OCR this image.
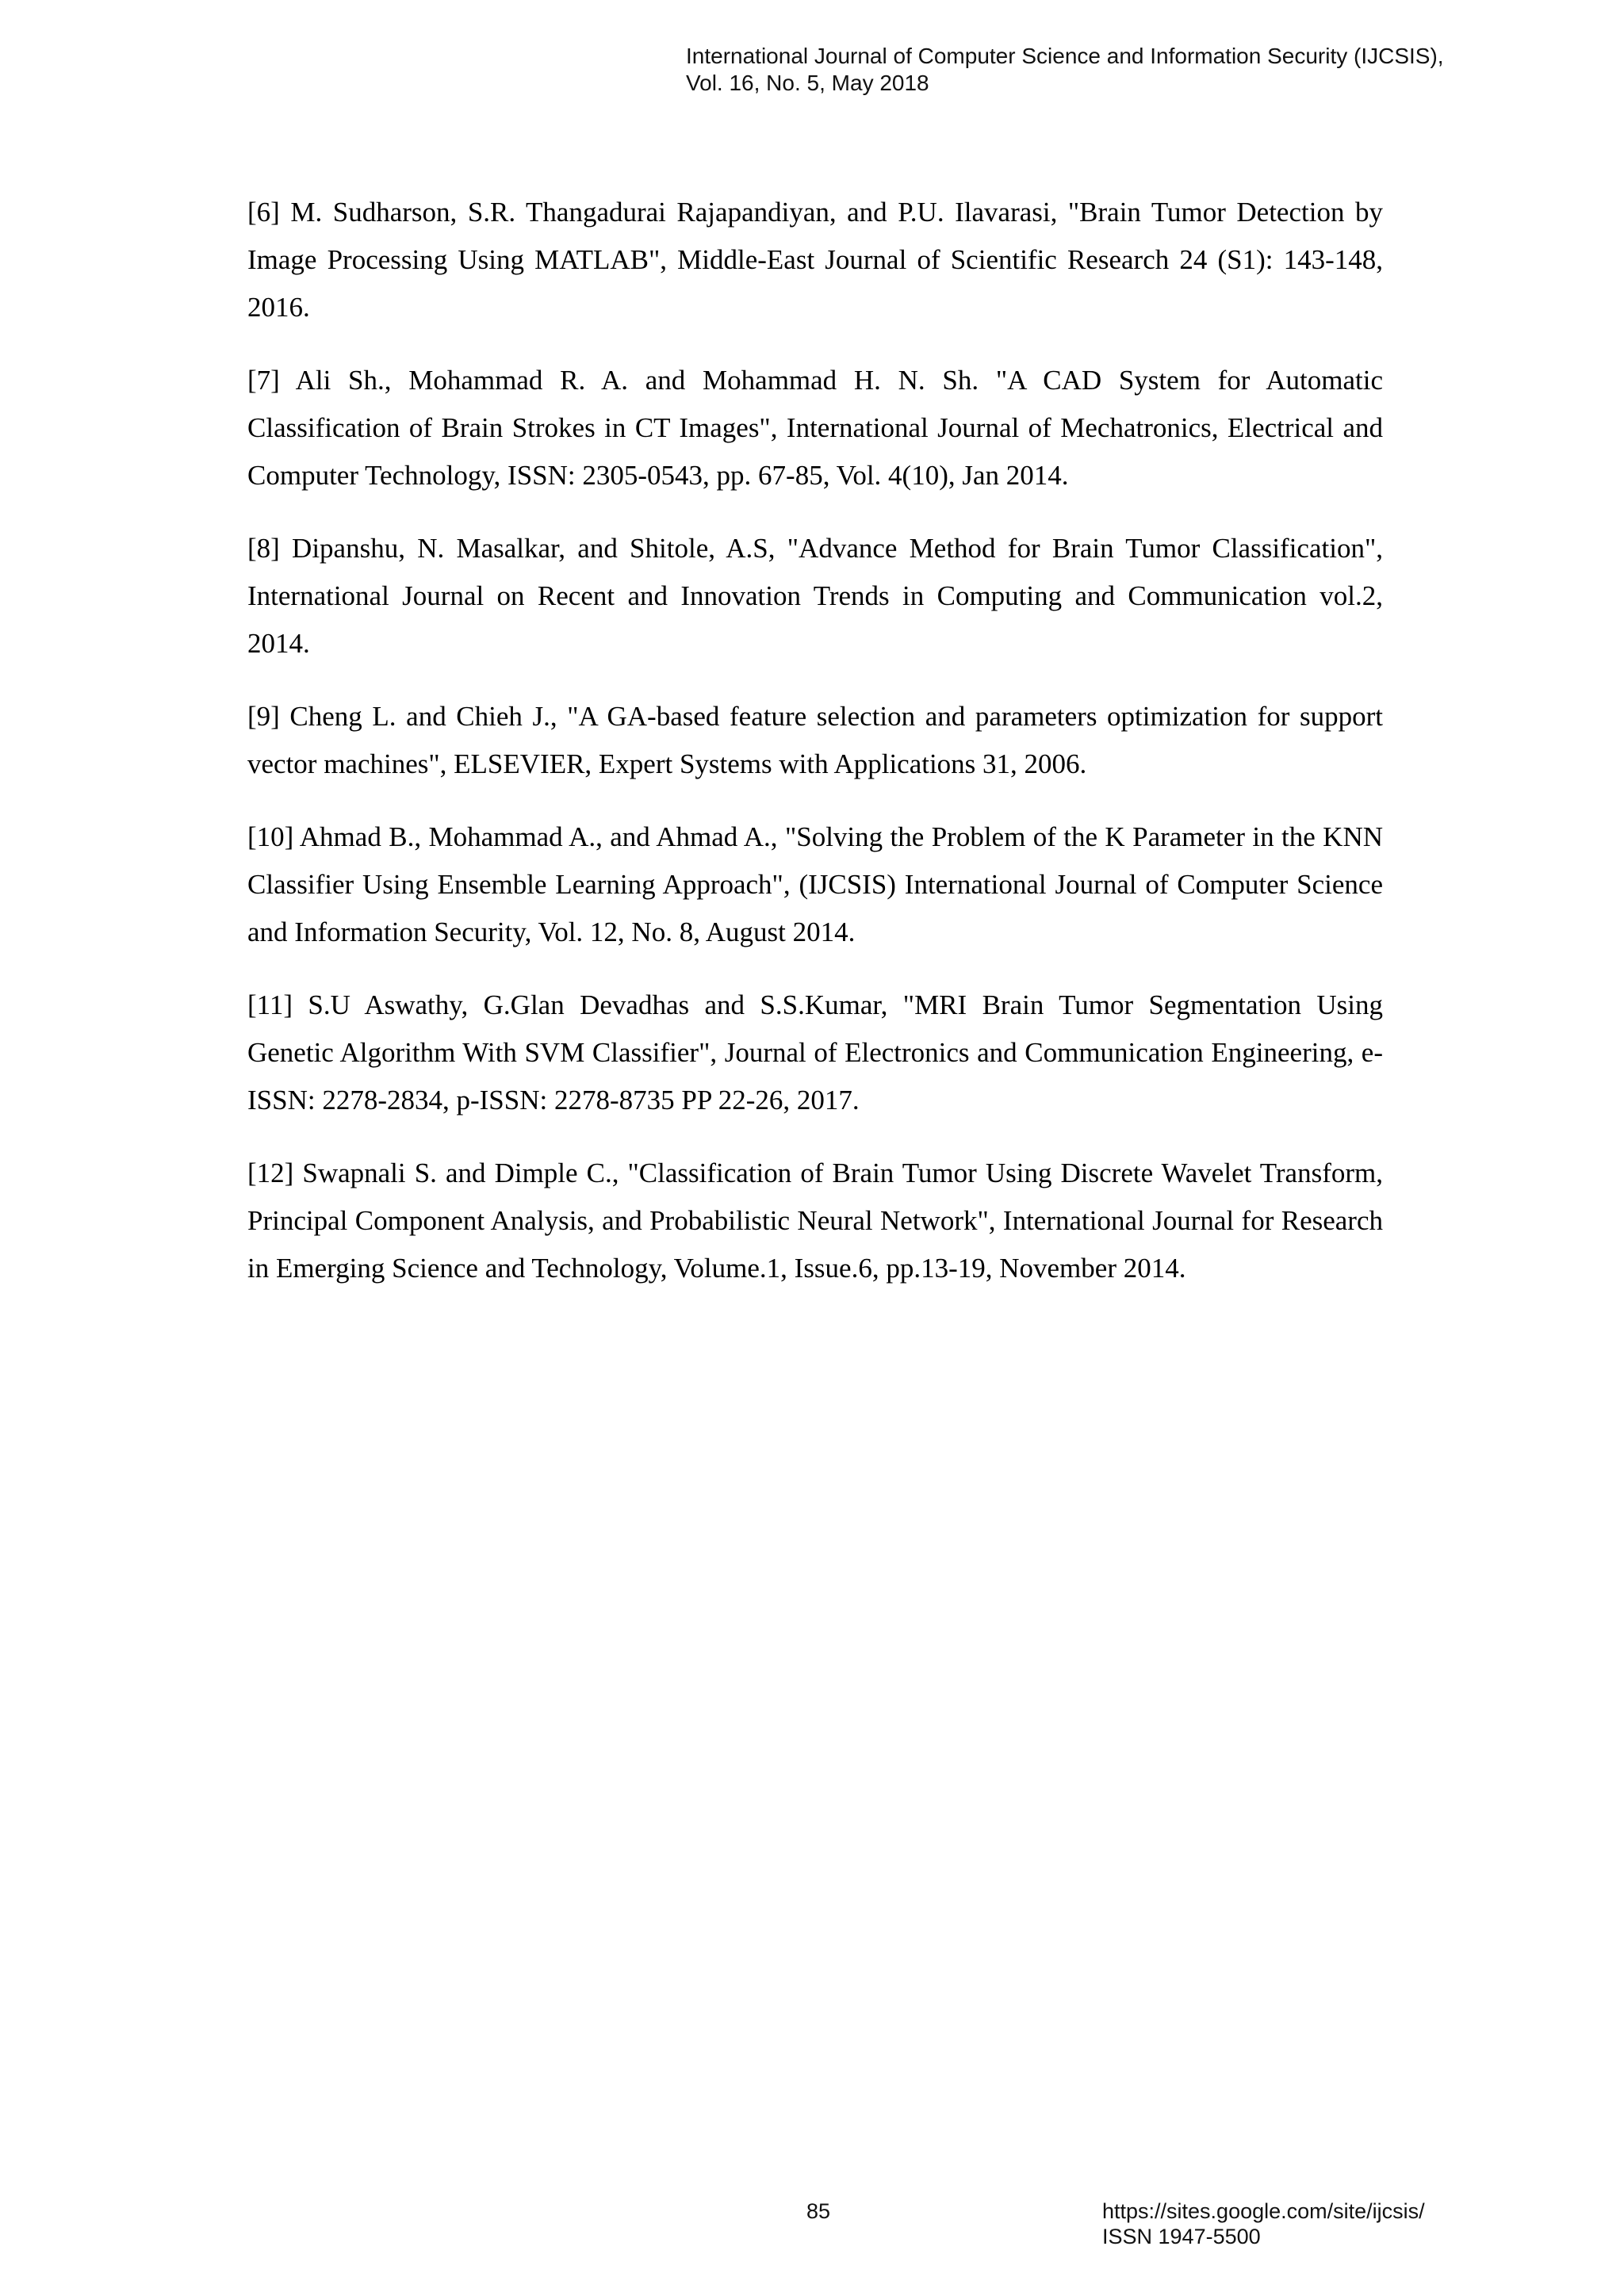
International Journal of Computer Science and Information Security (IJCSIS),
Vol. 16, No. 5, May 2018

[6] M. Sudharson, S.R. Thangadurai Rajapandiyan, and P.U. Ilavarasi, "Brain Tumor Detection by Image Processing Using MATLAB", Middle-East Journal of Scientific Research 24 (S1): 143-148, 2016.

[7] Ali Sh., Mohammad R. A. and Mohammad H. N. Sh. "A CAD System for Automatic Classification of Brain Strokes in CT Images", International Journal of Mechatronics, Electrical and Computer Technology, ISSN: 2305-0543, pp. 67-85, Vol. 4(10), Jan 2014.

[8] Dipanshu, N. Masalkar, and Shitole, A.S, "Advance Method for Brain Tumor Classification", International Journal on Recent and Innovation Trends in Computing and Communication vol.2, 2014.

[9] Cheng L. and Chieh J., "A GA-based feature selection and parameters optimization for support vector machines", ELSEVIER, Expert Systems with Applications 31, 2006.

[10] Ahmad B., Mohammad A., and Ahmad A., "Solving the Problem of the K Parameter in the KNN Classifier Using Ensemble Learning Approach", (IJCSIS) International Journal of Computer Science and Information Security, Vol. 12, No. 8, August 2014.

[11] S.U Aswathy, G.Glan Devadhas and S.S.Kumar, "MRI Brain Tumor Segmentation Using Genetic Algorithm With SVM Classifier", Journal of Electronics and Communication Engineering, e-ISSN: 2278-2834, p-ISSN: 2278-8735 PP 22-26, 2017.

[12] Swapnali S. and Dimple C., "Classification of Brain Tumor Using Discrete Wavelet Transform, Principal Component Analysis, and Probabilistic Neural Network", International Journal for Research in Emerging Science and Technology, Volume.1, Issue.6, pp.13-19, November 2014.

85	https://sites.google.com/site/ijcsis/
ISSN 1947-5500
